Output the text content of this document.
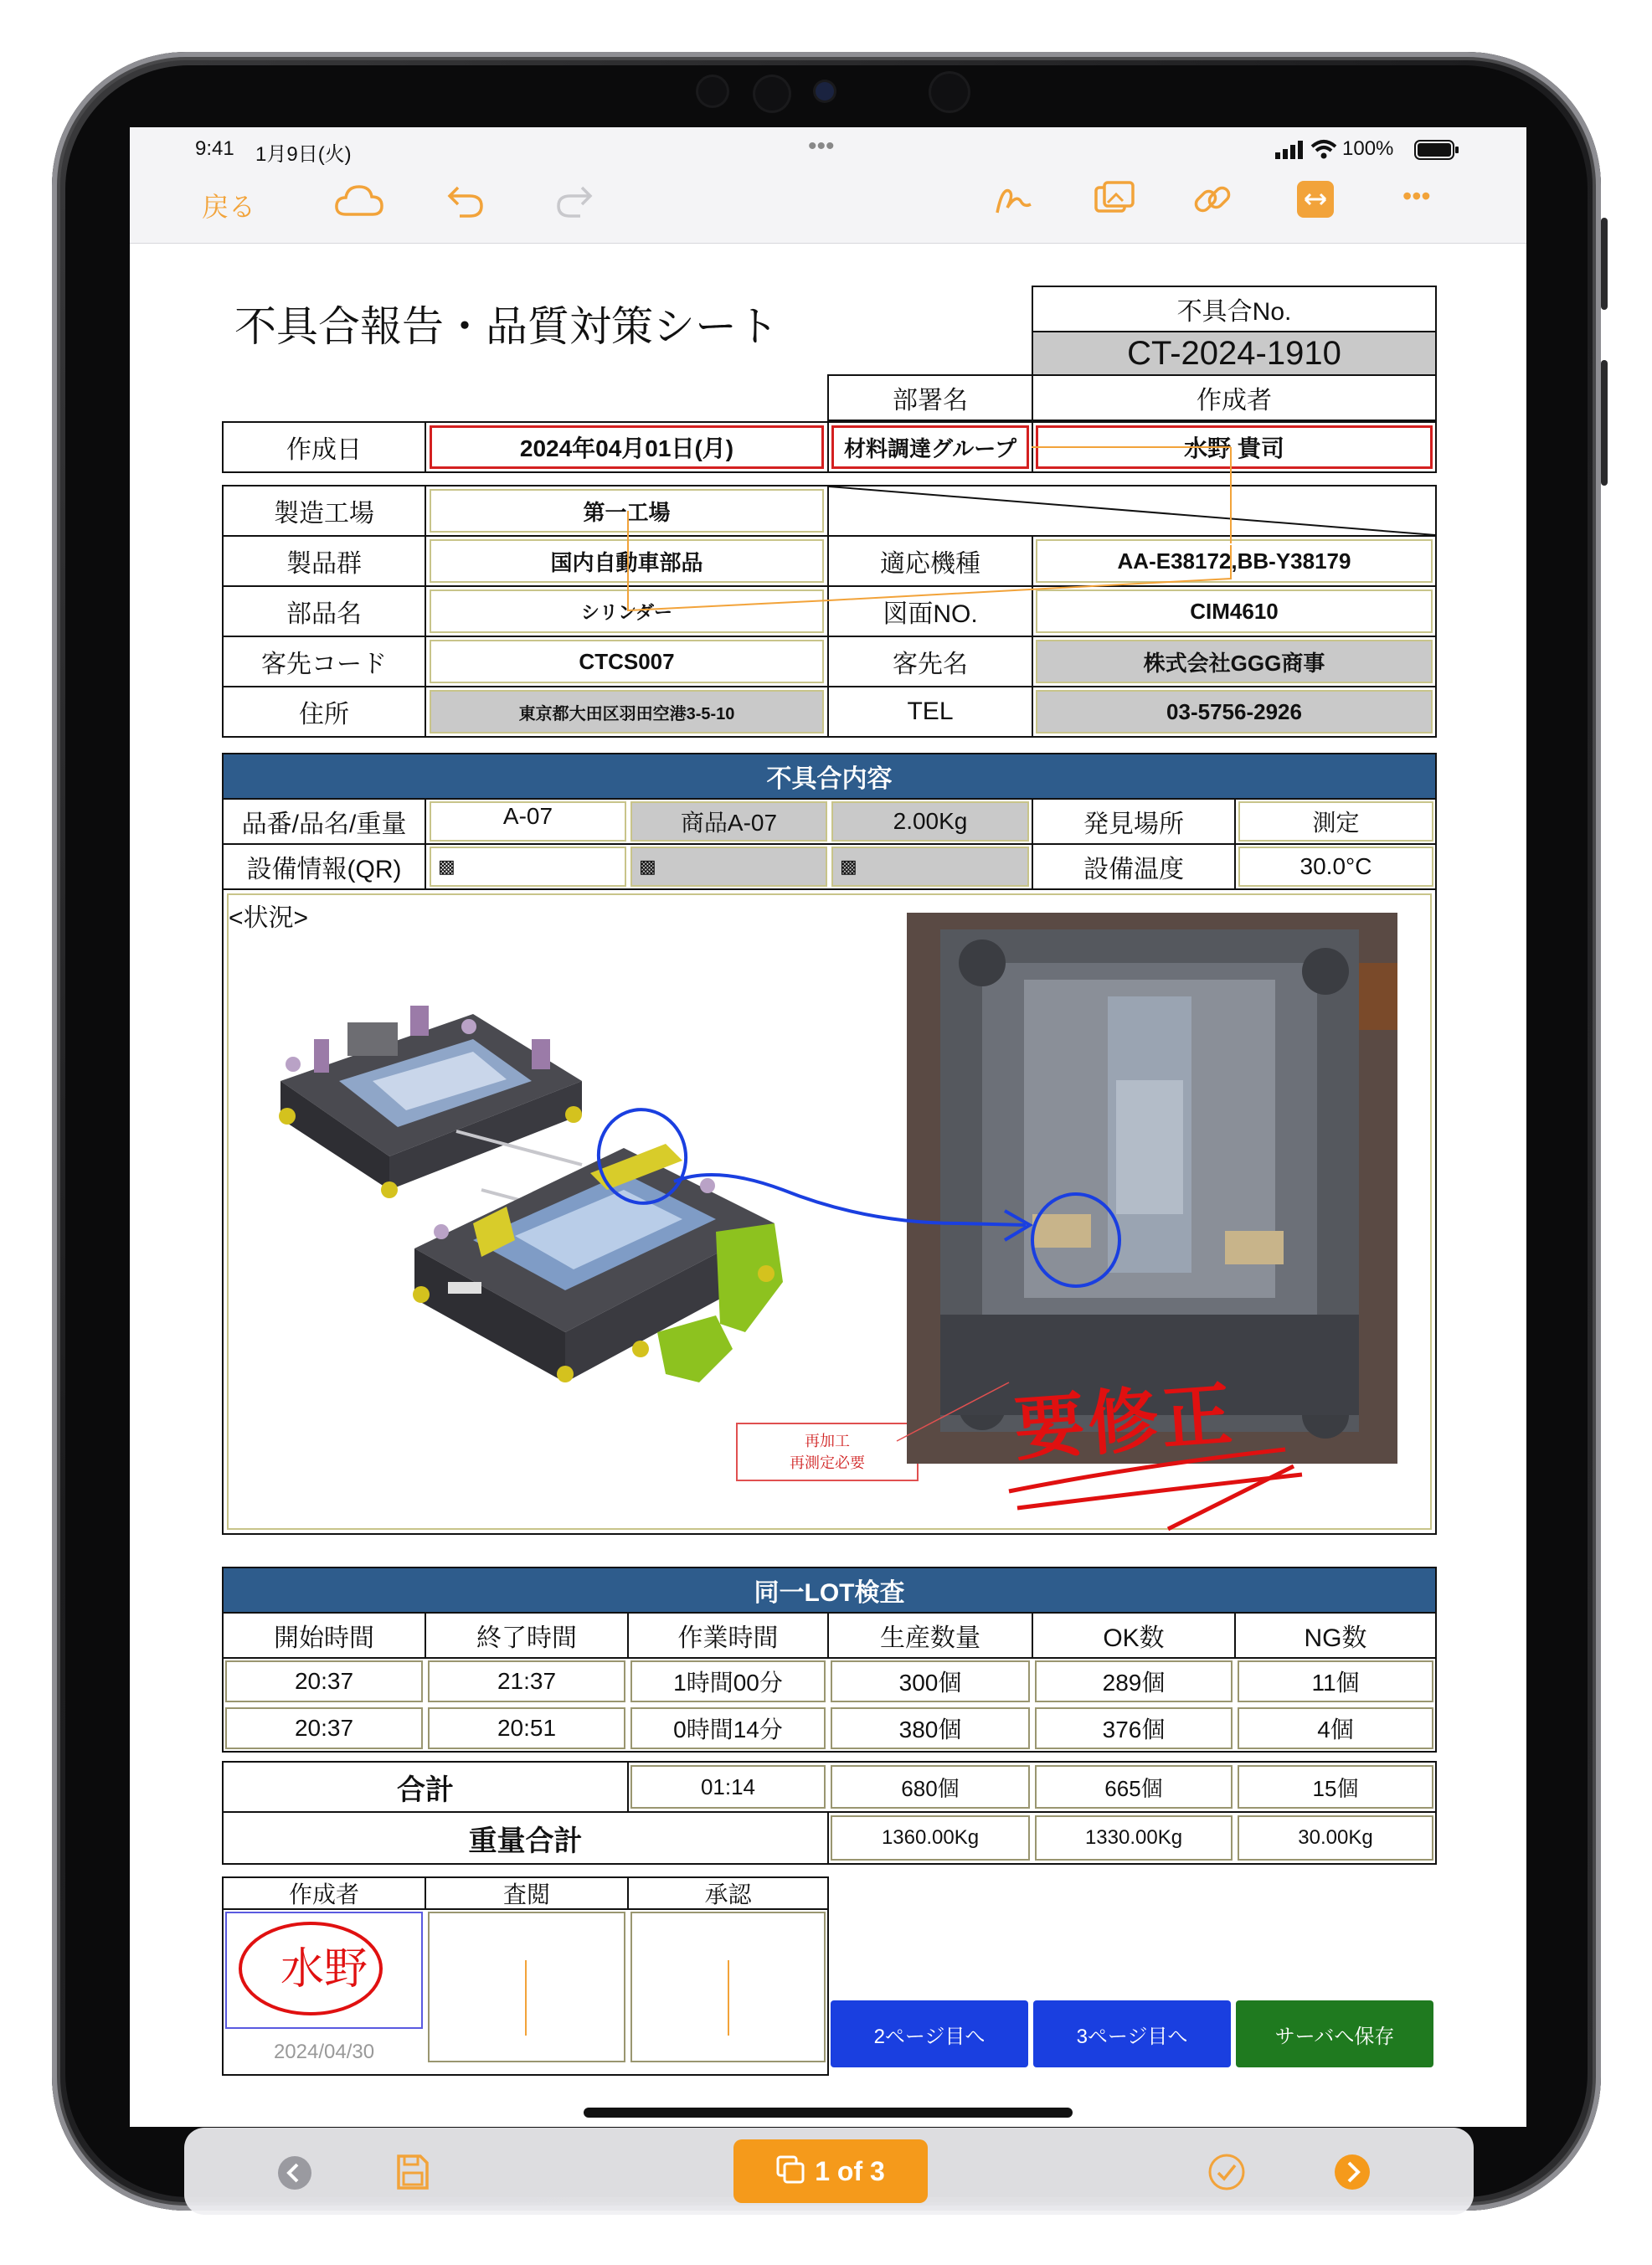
9:41 1月9日(火)	•••	100%
戻る	•••
不具合報告・品質対策シート	不具合No.
CT-2024-1910
部署名	作成者
作成日	2024年04月01日(月)	材料調達グループ	水野 貴司
製造工場	第一工場
製品群	国内自動車部品	適応機種	AA-E38172,BB-Y38179
部品名	シリンダー	図面NO.	CIM4610
客先コード	CTCS007	客先名	株式会社GGG商事
住所	東京都大田区羽田空港3-5-10	TEL	03-5756-2926
不具合内容
品番/品名/重量	A-07	商品A-07	2.00Kg	発見場所	測定
設備情報(QR)	▩	▩	▩	設備温度	30.0°C
<状況>
再加工
再測定必要	要修正
同一LOT検査
開始時間	終了時間	作業時間	生産数量	OK数	NG数
20:37	21:37	1時間00分	300個	289個	11個
20:37	20:51	0時間14分	380個	376個	4個
合計	01:14	680個	665個	15個
重量合計	1360.00Kg	1330.00Kg	30.00Kg
作成者	査閲	承認
水野
2024/04/30
2ページ目へ	3ページ目へ	サーバへ保存
1 of 3
